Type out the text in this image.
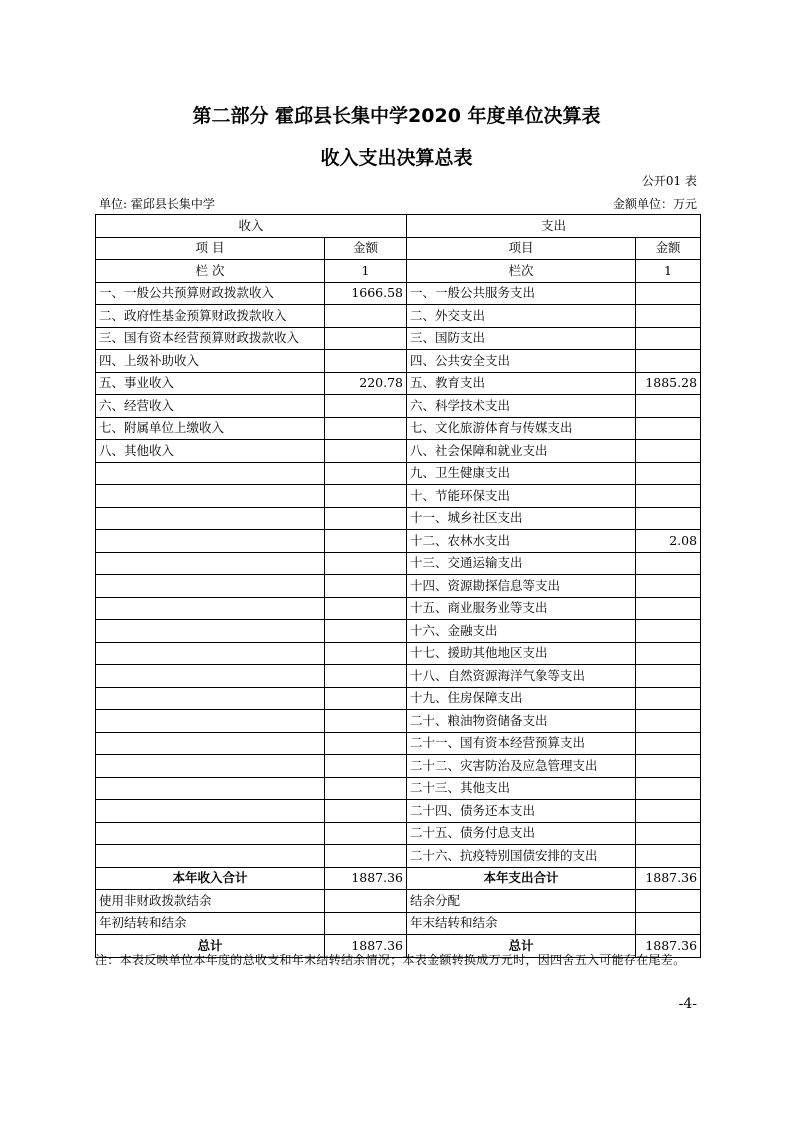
第二部分 霍邱县长集中学2020 年度单位决算表
收入支出决算总表
公开01 表
单位: 霍邱县长集中学	金额单位：万元
收入		支出	
项 目	金额	项目	金额
栏 次	1	栏次	1
一、一般公共预算财政拨款收入	1666.58	一、一般公共服务支出	
二、政府性基金预算财政拨款收入		二、外交支出	
三、国有资本经营预算财政拨款收入		三、国防支出	
四、上级补助收入		四、公共安全支出	
五、事业收入	220.78	五、教育支出	1885.28
六、经营收入		六、科学技术支出	
七、附属单位上缴收入		七、文化旅游体育与传媒支出	
八、其他收入		八、社会保障和就业支出	
		九、卫生健康支出	
		十、节能环保支出	
		十一、城乡社区支出	
		十二、农林水支出	2.08
		十三、交通运输支出	
		十四、资源勘探信息等支出	
		十五、商业服务业等支出	
		十六、金融支出	
		十七、援助其他地区支出	
		十八、自然资源海洋气象等支出	
		十九、住房保障支出	
		二十、粮油物资储备支出	
		二十一、国有资本经营预算支出	
		二十二、灾害防治及应急管理支出	
		二十三、其他支出	
		二十四、债务还本支出	
		二十五、债务付息支出	
		二十六、抗疫特别国债安排的支出	
本年收入合计	1887.36	本年支出合计	1887.36
使用非财政拨款结余		结余分配	
年初结转和结余		年末结转和结余	
总计	1887.36	总计	1887.36
注：本表反映单位本年度的总收支和年末结转结余情况；本表金额转换成万元时，因四舍五入可能存在尾差。
-4-
